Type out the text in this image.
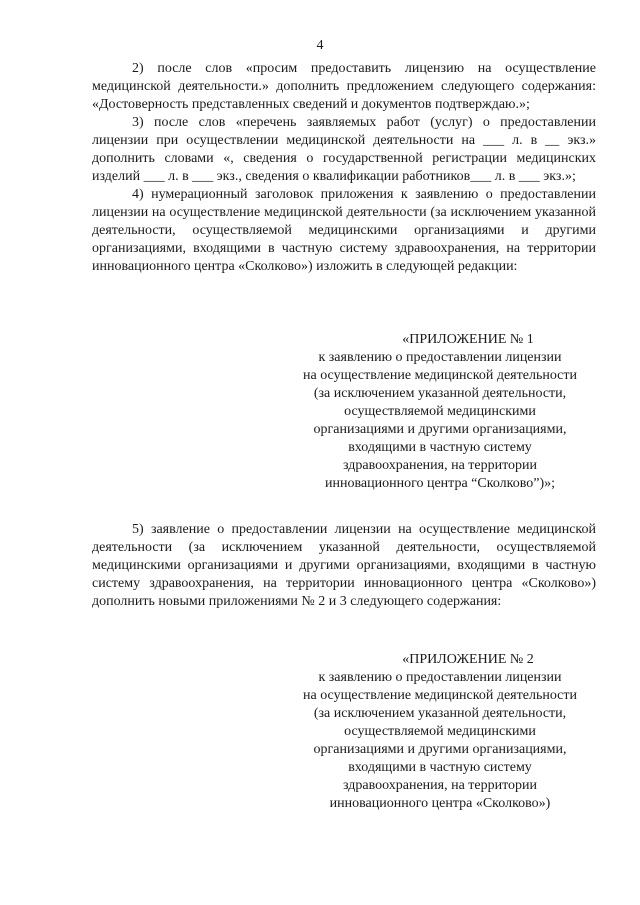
4

2) после слов «просим предоставить лицензию на осуществление медицинской деятельности.» дополнить предложением следующего содержания: «Достоверность представленных сведений и документов подтверждаю.»;

3) после слов «перечень заявляемых работ (услуг) о предоставлении лицензии при осуществлении медицинской деятельности на ___ л. в __ экз.» дополнить словами «, сведения о государственной регистрации медицинских изделий ___ л. в ___ экз., сведения о квалификации работников___ л. в ___ экз.»;

4) нумерационный заголовок приложения к заявлению о предоставлении лицензии на осуществление медицинской деятельности (за исключением указанной деятельности, осуществляемой медицинскими организациями и другими организациями, входящими в частную систему здравоохранения, на территории инновационного центра «Сколково») изложить в следующей редакции:

«ПРИЛОЖЕНИЕ № 1
к заявлению о предоставлении лицензии
на осуществление медицинской деятельности
(за исключением указанной деятельности,
осуществляемой медицинскими
организациями и другими организациями,
входящими в частную систему
здравоохранения, на территории
инновационного центра “Сколково”)»;

5) заявление о предоставлении лицензии на осуществление медицинской деятельности (за исключением указанной деятельности, осуществляемой медицинскими организациями и другими организациями, входящими в частную систему здравоохранения, на территории инновационного центра «Сколково») дополнить новыми приложениями № 2 и 3 следующего содержания:

«ПРИЛОЖЕНИЕ № 2
к заявлению о предоставлении лицензии
на осуществление медицинской деятельности
(за исключением указанной деятельности,
осуществляемой медицинскими
организациями и другими организациями,
входящими в частную систему
здравоохранения, на территории
инновационного центра «Сколково»)
